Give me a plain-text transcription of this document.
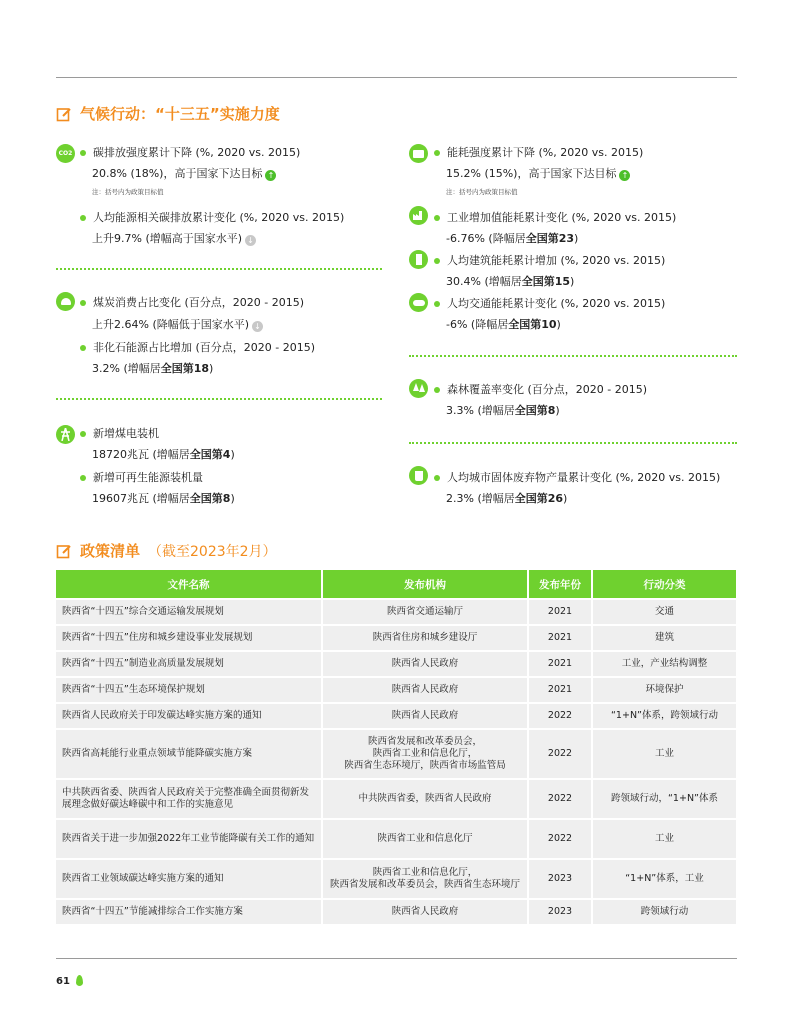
气候行动：“十三五”实施力度
CO2 碳排放强度累计下降 (%, 2020 vs. 2015)
20.8% (18%)，高于国家下达目标 ↑
注：括号内为政策目标值
人均能源相关碳排放累计变化 (%, 2020 vs. 2015)
上升9.7% (增幅高于国家水平) ↓
煤炭消费占比变化 (百分点，2020 - 2015)
上升2.64% (降幅低于国家水平) ↓
非化石能源占比增加 (百分点，2020 - 2015)
3.2% (增幅居全国第18)
新增煤电装机
18720兆瓦 (增幅居全国第4)
新增可再生能源装机量
19607兆瓦 (增幅居全国第8)
能耗强度累计下降 (%, 2020 vs. 2015)
15.2% (15%)，高于国家下达目标 ↑
注：括号内为政策目标值
工业增加值能耗累计变化 (%, 2020 vs. 2015)
-6.76% (降幅居全国第23)
人均建筑能耗累计增加 (%, 2020 vs. 2015)
30.4% (增幅居全国第15)
人均交通能耗累计变化 (%, 2020 vs. 2015)
-6% (降幅居全国第10)
森林覆盖率变化 (百分点，2020 - 2015)
3.3% (增幅居全国第8)
人均城市固体废弃物产量累计变化 (%, 2020 vs. 2015)
2.3% (增幅居全国第26)
政策清单 （截至2023年2月）
文件名称	发布机构	发布年份	行动分类
陕西省“十四五”综合交通运输发展规划	陕西省交通运输厅	2021	交通
陕西省“十四五”住房和城乡建设事业发展规划	陕西省住房和城乡建设厅	2021	建筑
陕西省“十四五”制造业高质量发展规划	陕西省人民政府	2021	工业，产业结构调整
陕西省“十四五”生态环境保护规划	陕西省人民政府	2021	环境保护
陕西省人民政府关于印发碳达峰实施方案的通知	陕西省人民政府	2022	“1+N”体系，跨领域行动
陕西省高耗能行业重点领域节能降碳实施方案	陕西省发展和改革委员会，
陕西省工业和信息化厅，
陕西省生态环境厅，陕西省市场监管局	2022	工业
中共陕西省委、陕西省人民政府关于完整准确全面贯彻新发展理念做好碳达峰碳中和工作的实施意见	中共陕西省委，陕西省人民政府	2022	跨领域行动，“1+N”体系
陕西省关于进一步加强2022年工业节能降碳有关工作的通知	陕西省工业和信息化厅	2022	工业
陕西省工业领域碳达峰实施方案的通知	陕西省工业和信息化厅，
陕西省发展和改革委员会，陕西省生态环境厅	2023	“1+N”体系，工业
陕西省“十四五”节能减排综合工作实施方案	陕西省人民政府	2023	跨领域行动
61
